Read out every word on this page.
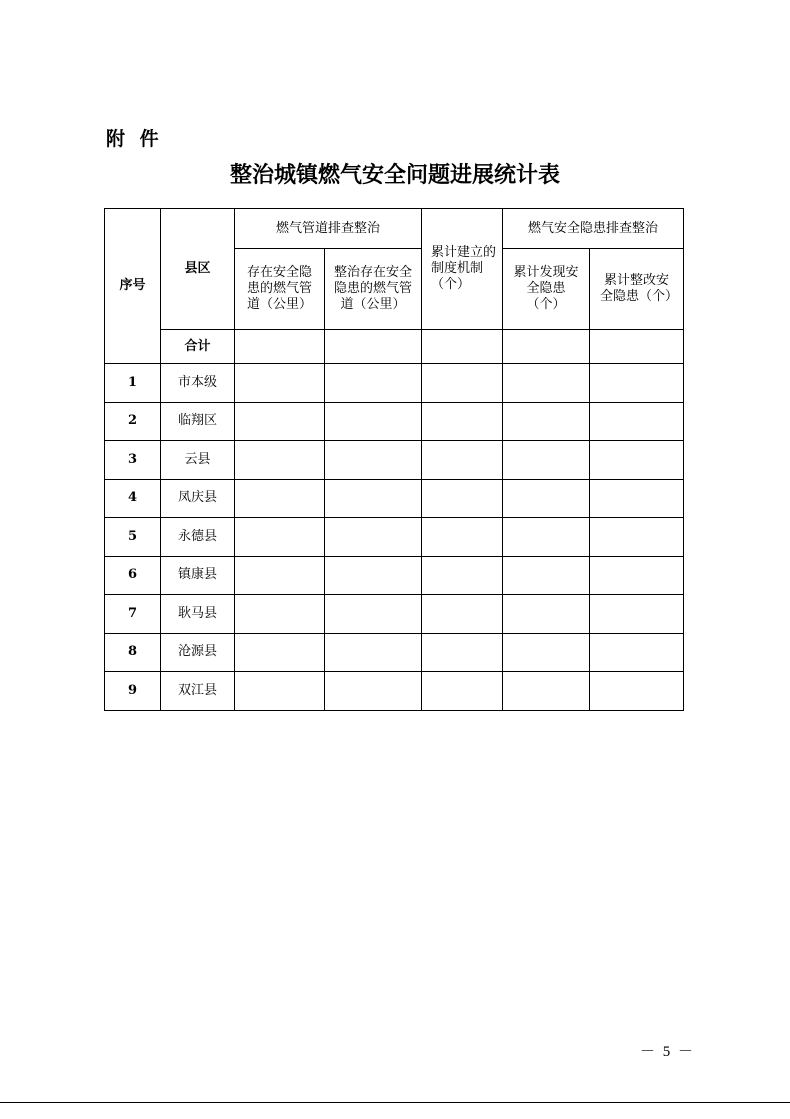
附 件
整治城镇燃气安全问题进展统计表
序号	县区	燃气管道排查整治		累计建立的制度机制（个）	燃气安全隐患排查整治	
		存在安全隐患的燃气管道（公里）	整治存在安全隐患的燃气管道（公里）		累计发现安全隐患（个）	累计整改安全隐患（个）
	合计					
1	市本级					
2	临翔区					
3	云县					
4	凤庆县					
5	永德县					
6	镇康县					
7	耿马县					
8	沧源县					
9	双江县					
－ 5 －
